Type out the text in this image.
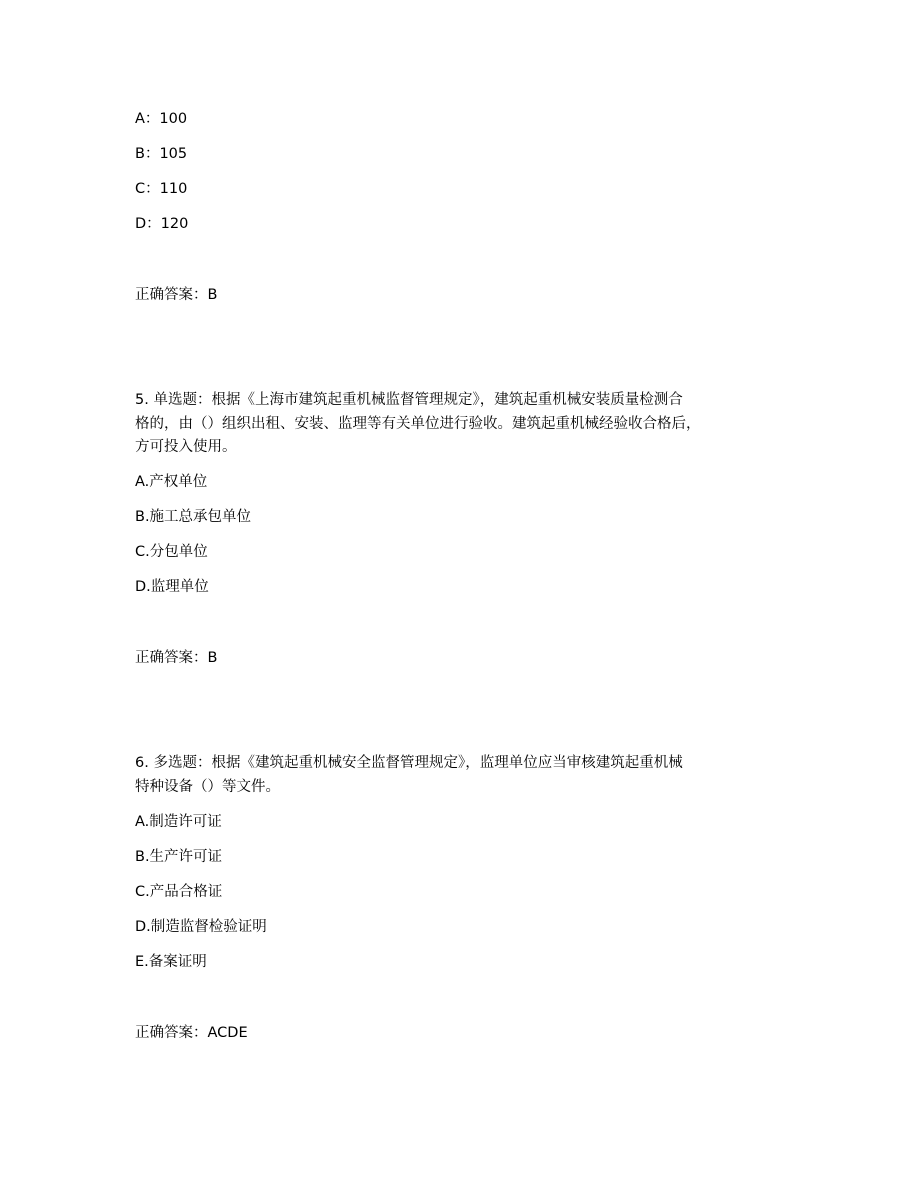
A：100
B：105
C：110
D：120
正确答案：B
5. 单选题：根据《上海市建筑起重机械监督管理规定》，建筑起重机械安装质量检测合
格的，由（）组织出租、安装、监理等有关单位进行验收。建筑起重机械经验收合格后，
方可投入使用。
A.产权单位
B.施工总承包单位
C.分包单位
D.监理单位
正确答案：B
6. 多选题：根据《建筑起重机械安全监督管理规定》，监理单位应当审核建筑起重机械
特种设备（）等文件。
A.制造许可证
B.生产许可证
C.产品合格证
D.制造监督检验证明
E.备案证明
正确答案：ACDE
